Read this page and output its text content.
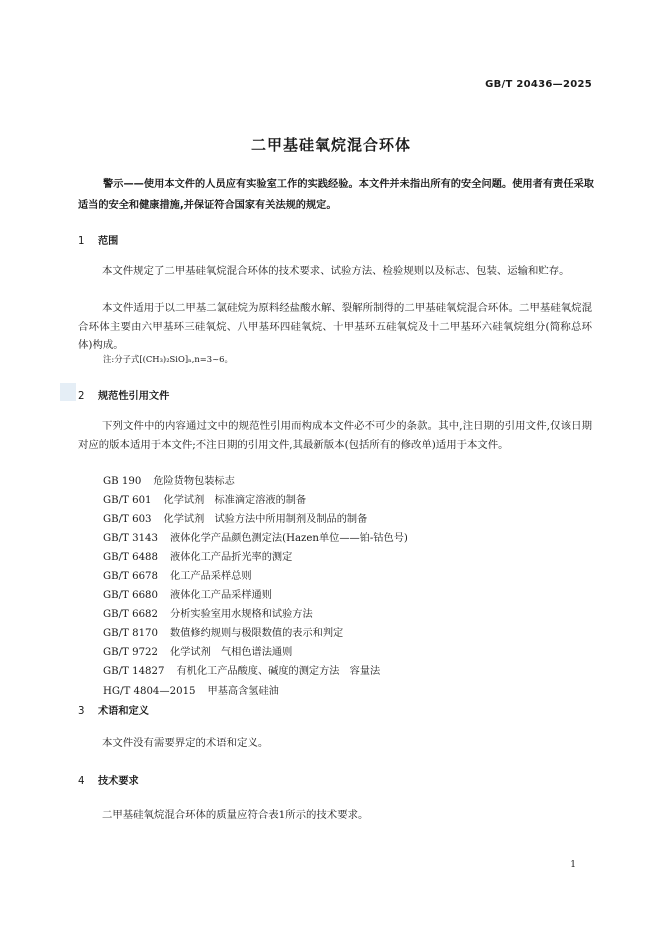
GB/T 20436—2025
二甲基硅氧烷混合环体
警示——使用本文件的人员应有实验室工作的实践经验。本文件并未指出所有的安全问题。使用者有责任采取适当的安全和健康措施,并保证符合国家有关法规的规定。
1 范围
本文件规定了二甲基硅氧烷混合环体的技术要求、试验方法、检验规则以及标志、包装、运输和贮存。
本文件适用于以二甲基二氯硅烷为原料经盐酸水解、裂解所制得的二甲基硅氧烷混合环体。二甲基硅氧烷混合环体主要由六甲基环三硅氧烷、八甲基环四硅氧烷、十甲基环五硅氧烷及十二甲基环六硅氧烷组分(简称总环体)构成。
注:分子式[(CH₃)₂SiO]ₙ,n=3~6。
2 规范性引用文件
下列文件中的内容通过文中的规范性引用而构成本文件必不可少的条款。其中,注日期的引用文件,仅该日期对应的版本适用于本文件;不注日期的引用文件,其最新版本(包括所有的修改单)适用于本文件。
GB 190 危险货物包装标志
GB/T 601 化学试剂　标准滴定溶液的制备
GB/T 603 化学试剂　试验方法中所用制剂及制品的制备
GB/T 3143 液体化学产品颜色测定法(Hazen单位——铂-钴色号)
GB/T 6488 液体化工产品折光率的测定
GB/T 6678 化工产品采样总则
GB/T 6680 液体化工产品采样通则
GB/T 6682 分析实验室用水规格和试验方法
GB/T 8170 数值修约规则与极限数值的表示和判定
GB/T 9722 化学试剂　气相色谱法通则
GB/T 14827 有机化工产品酸度、碱度的测定方法　容量法
HG/T 4804—2015 甲基高含氢硅油
3 术语和定义
本文件没有需要界定的术语和定义。
4 技术要求
二甲基硅氧烷混合环体的质量应符合表1所示的技术要求。
1
